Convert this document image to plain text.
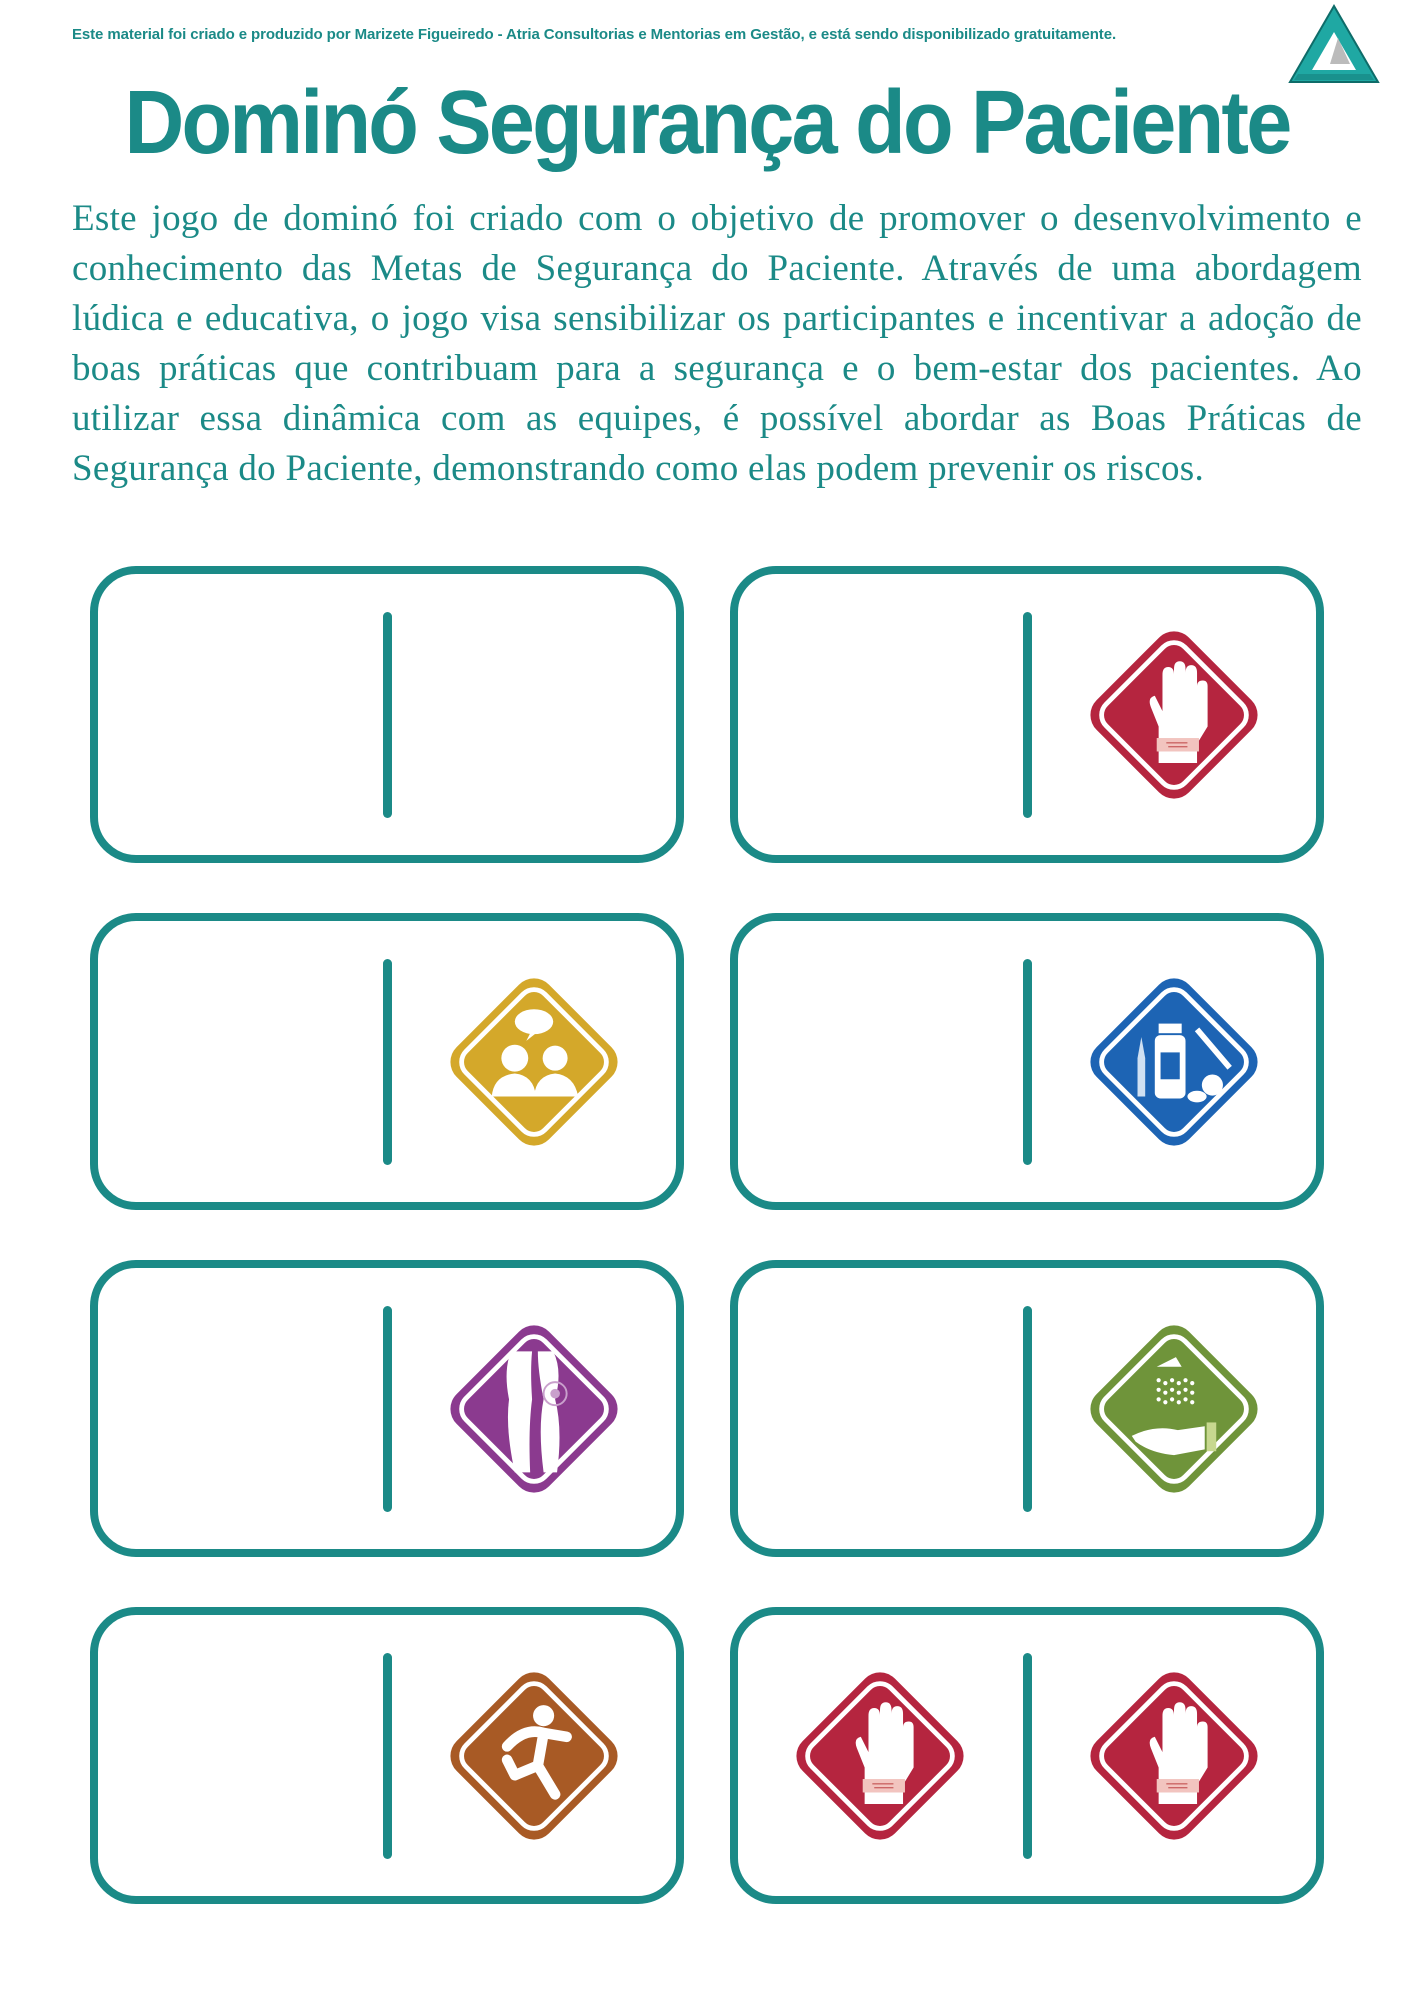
Este material foi criado e produzido por Marizete Figueiredo - Atria Consultorias e Mentorias em Gestão, e está sendo disponibilizado gratuitamente.
Dominó Segurança do Paciente
Este jogo de dominó foi criado com o objetivo de promover o desenvolvimento e conhecimento das Metas de Segurança do Paciente. Através de uma abordagem lúdica e educativa, o jogo visa sensibilizar os participantes e incentivar a adoção de boas práticas que contribuam para a segurança e o bem-estar dos pacientes. Ao utilizar essa dinâmica com as equipes, é possível abordar as Boas Práticas de Segurança do Paciente, demonstrando como elas podem prevenir os riscos.
